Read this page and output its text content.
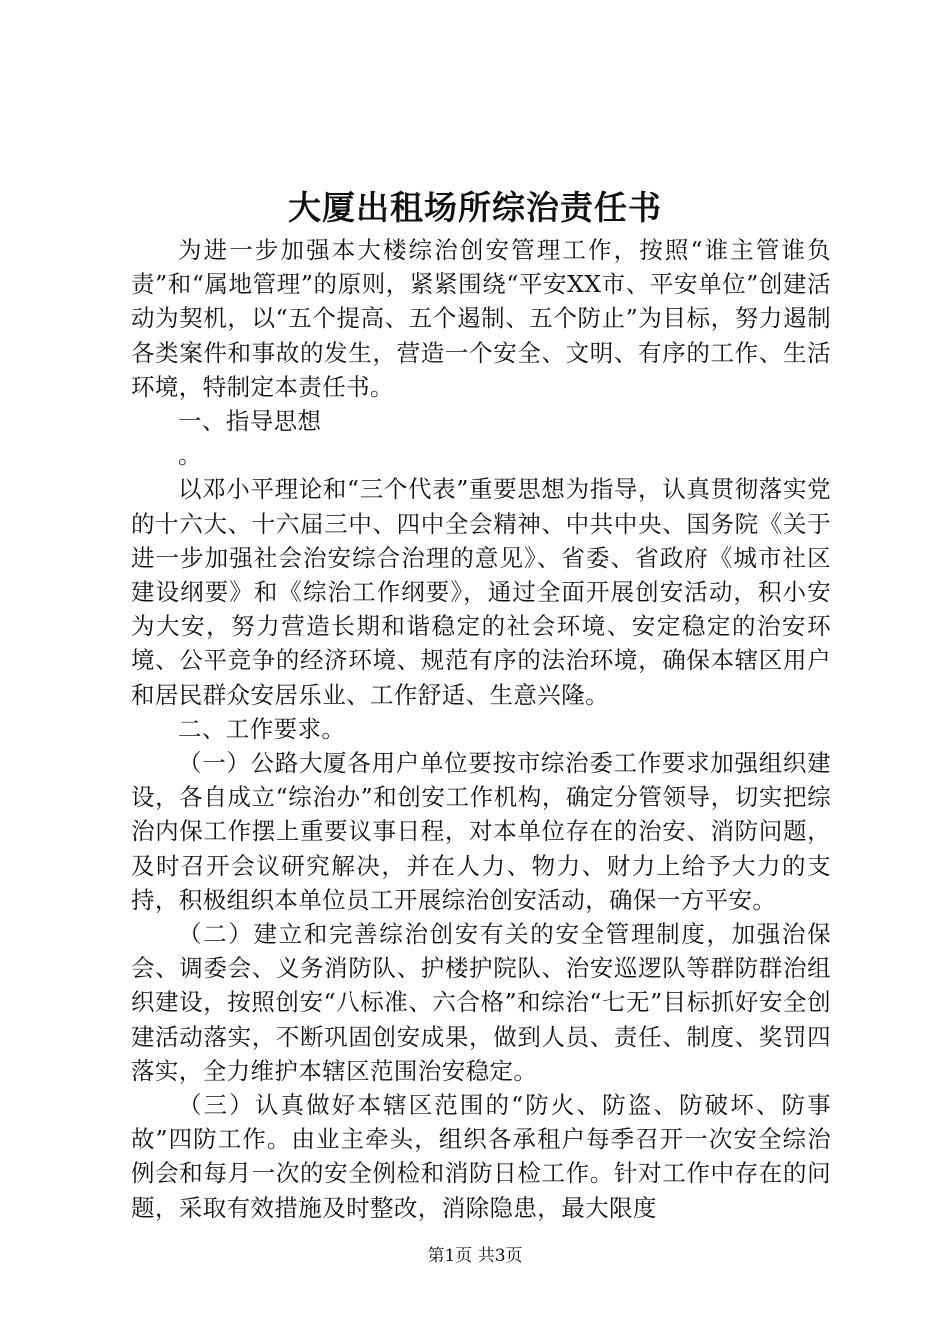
大厦出租场所综治责任书

为进一步加强本大楼综治创安管理工作，按照“谁主管谁负责”和“属地管理”的原则，紧紧围绕“平安XX市、平安单位”创建活动为契机，以“五个提高、五个遏制、五个防止”为目标，努力遏制各类案件和事故的发生，营造一个安全、文明、有序的工作、生活环境，特制定本责任书。

一、指导思想

。

以邓小平理论和“三个代表”重要思想为指导，认真贯彻落实党的十六大、十六届三中、四中全会精神、中共中央、国务院《关于进一步加强社会治安综合治理的意见》、省委、省政府《城市社区建设纲要》和《综治工作纲要》，通过全面开展创安活动，积小安为大安，努力营造长期和谐稳定的社会环境、安定稳定的治安环境、公平竞争的经济环境、规范有序的法治环境，确保本辖区用户和居民群众安居乐业、工作舒适、生意兴隆。

二、工作要求。

（一）公路大厦各用户单位要按市综治委工作要求加强组织建设，各自成立“综治办”和创安工作机构，确定分管领导，切实把综治内保工作摆上重要议事日程，对本单位存在的治安、消防问题，及时召开会议研究解决，并在人力、物力、财力上给予大力的支持，积极组织本单位员工开展综治创安活动，确保一方平安。

（二）建立和完善综治创安有关的安全管理制度，加强治保会、调委会、义务消防队、护楼护院队、治安巡逻队等群防群治组织建设，按照创安“八标准、六合格”和综治“七无”目标抓好安全创建活动落实，不断巩固创安成果，做到人员、责任、制度、奖罚四落实，全力维护本辖区范围治安稳定。

（三）认真做好本辖区范围的“防火、防盗、防破坏、防事故”四防工作。由业主牵头，组织各承租户每季召开一次安全综治例会和每月一次的安全例检和消防日检工作。针对工作中存在的问题，采取有效措施及时整改，消除隐患，最大限度

第1页 共3页
